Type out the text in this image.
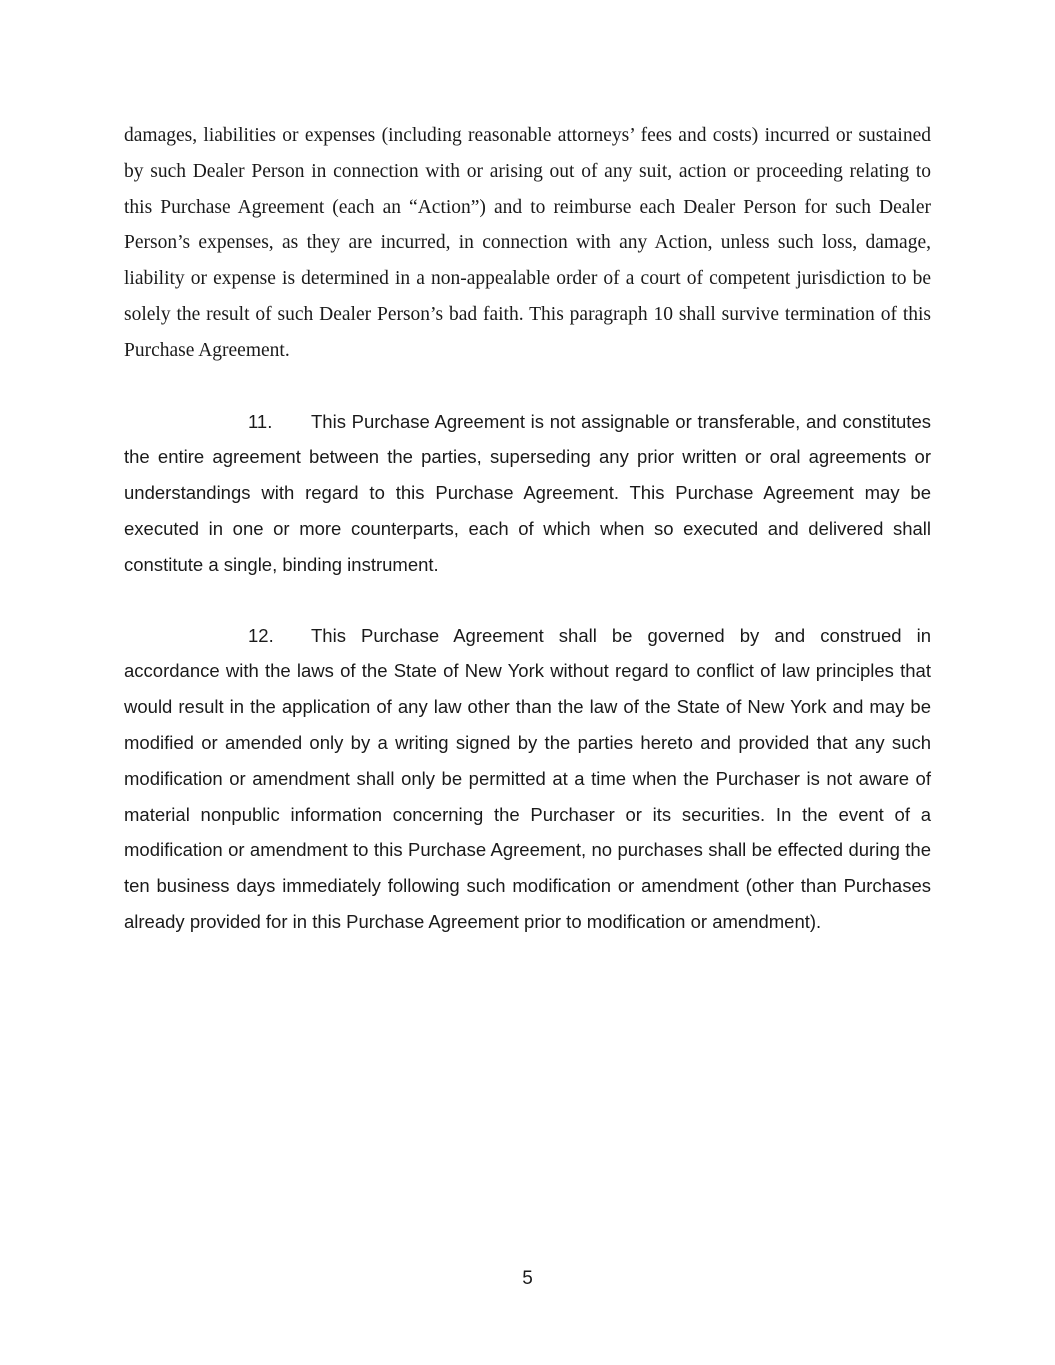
damages, liabilities or expenses (including reasonable attorneys’ fees and costs) incurred or sustained by such Dealer Person in connection with or arising out of any suit, action or proceeding relating to this Purchase Agreement (each an “Action”) and to reimburse each Dealer Person for such Dealer Person’s expenses, as they are incurred, in connection with any Action, unless such loss, damage, liability or expense is determined in a non-appealable order of a court of competent jurisdiction to be solely the result of such Dealer Person’s bad faith. This paragraph 10 shall survive termination of this Purchase Agreement.

11. This Purchase Agreement is not assignable or transferable, and constitutes the entire agreement between the parties, superseding any prior written or oral agreements or understandings with regard to this Purchase Agreement. This Purchase Agreement may be executed in one or more counterparts, each of which when so executed and delivered shall constitute a single, binding instrument.

12. This Purchase Agreement shall be governed by and construed in accordance with the laws of the State of New York without regard to conflict of law principles that would result in the application of any law other than the law of the State of New York and may be modified or amended only by a writing signed by the parties hereto and provided that any such modification or amendment shall only be permitted at a time when the Purchaser is not aware of material nonpublic information concerning the Purchaser or its securities. In the event of a modification or amendment to this Purchase Agreement, no purchases shall be effected during the ten business days immediately following such modification or amendment (other than Purchases already provided for in this Purchase Agreement prior to modification or amendment).

5
